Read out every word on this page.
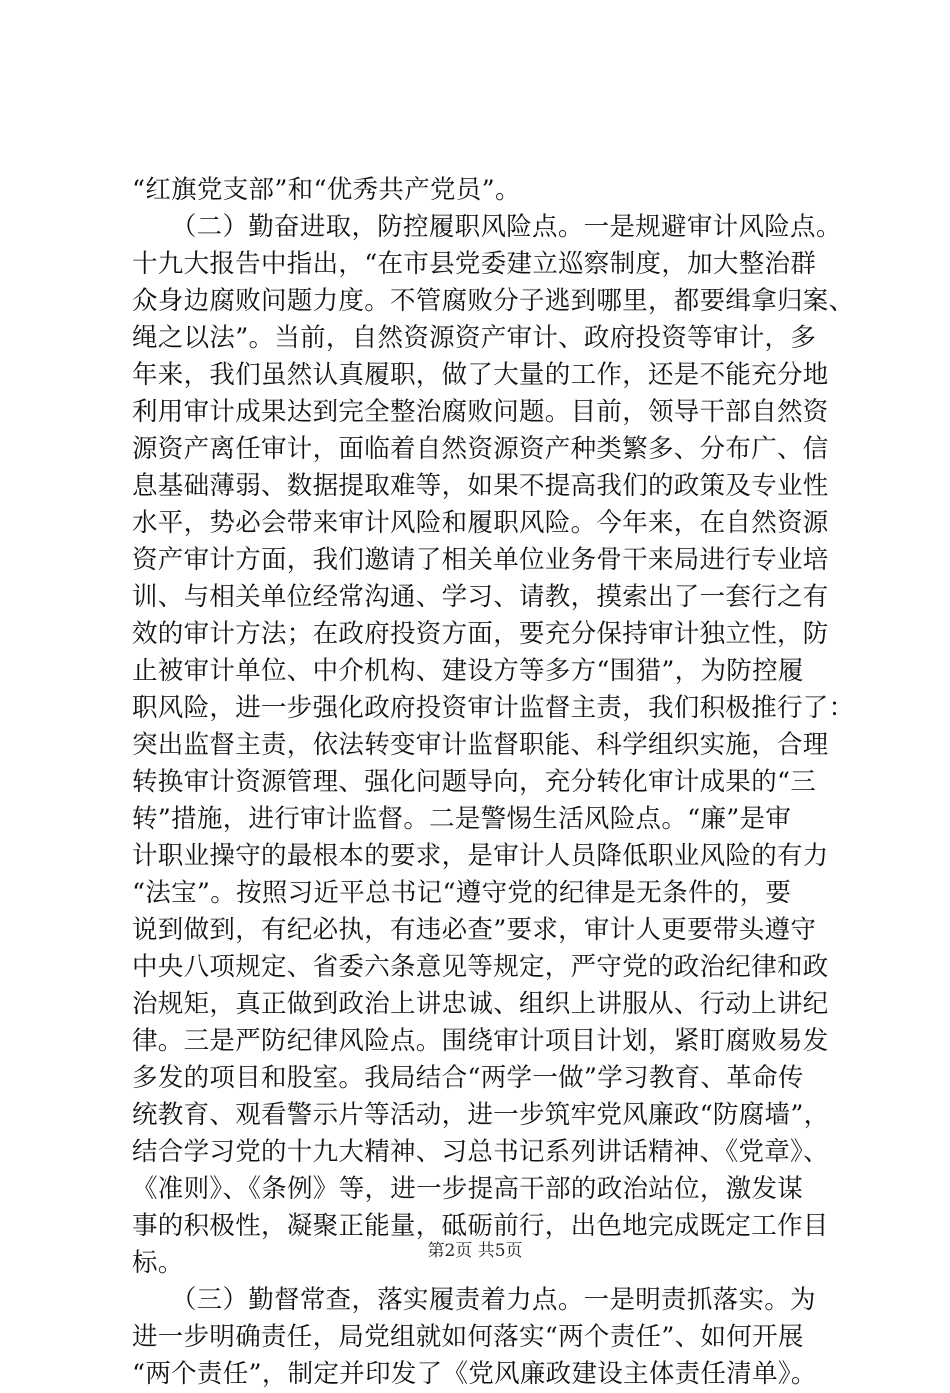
“红旗党支部”和“优秀共产党员”。
　　（二）勤奋进取，防控履职风险点。一是规避审计风险点。
十九大报告中指出，“在市县党委建立巡察制度，加大整治群
众身边腐败问题力度。不管腐败分子逃到哪里，都要缉拿归案、
绳之以法”。当前，自然资源资产审计、政府投资等审计，多
年来，我们虽然认真履职，做了大量的工作，还是不能充分地
利用审计成果达到完全整治腐败问题。目前，领导干部自然资
源资产离任审计，面临着自然资源资产种类繁多、分布广、信
息基础薄弱、数据提取难等，如果不提高我们的政策及专业性
水平，势必会带来审计风险和履职风险。今年来，在自然资源
资产审计方面，我们邀请了相关单位业务骨干来局进行专业培
训、与相关单位经常沟通、学习、请教，摸索出了一套行之有
效的审计方法；在政府投资方面，要充分保持审计独立性，防
止被审计单位、中介机构、建设方等多方“围猎”，为防控履
职风险，进一步强化政府投资审计监督主责，我们积极推行了：
突出监督主责，依法转变审计监督职能、科学组织实施，合理
转换审计资源管理、强化问题导向，充分转化审计成果的“三
转”措施，进行审计监督。二是警惕生活风险点。“廉”是审
计职业操守的最根本的要求，是审计人员降低职业风险的有力
“法宝”。按照习近平总书记“遵守党的纪律是无条件的，要
说到做到，有纪必执，有违必查”要求，审计人更要带头遵守
中央八项规定、省委六条意见等规定，严守党的政治纪律和政
治规矩，真正做到政治上讲忠诚、组织上讲服从、行动上讲纪
律。三是严防纪律风险点。围绕审计项目计划，紧盯腐败易发
多发的项目和股室。我局结合“两学一做”学习教育、革命传
统教育、观看警示片等活动，进一步筑牢党风廉政“防腐墙”，
结合学习党的十九大精神、习总书记系列讲话精神、《党章》、
《准则》、《条例》等，进一步提高干部的政治站位，激发谋
事的积极性，凝聚正能量，砥砺前行，出色地完成既定工作目
标。
　　（三）勤督常查，落实履责着力点。一是明责抓落实。为
进一步明确责任，局党组就如何落实“两个责任”、如何开展
“两个责任”，制定并印发了《党风廉政建设主体责任清单》。
第2页 共5页
